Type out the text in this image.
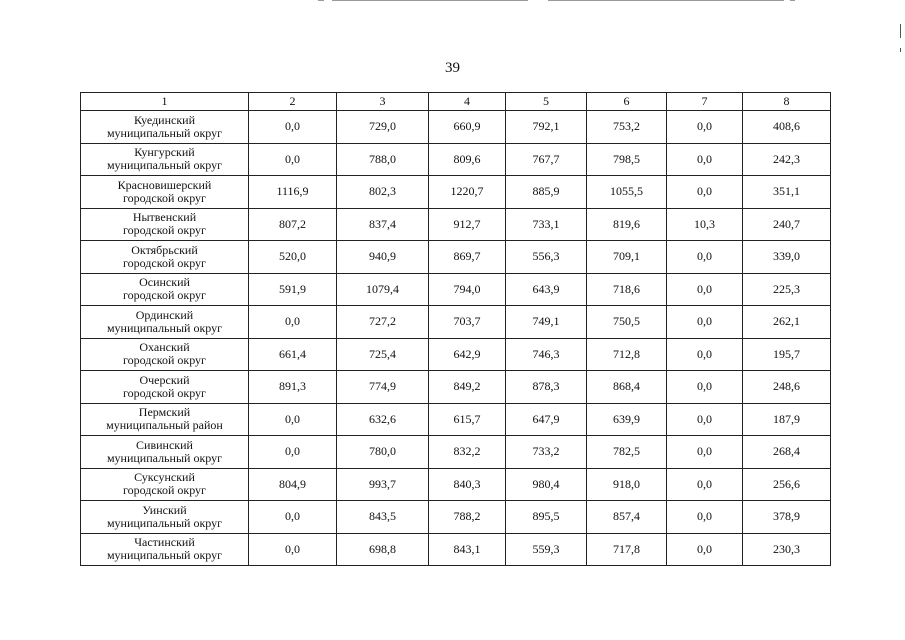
39
1	2	3	4	5	6	7	8

Куединский
муниципальный округ	0,0	729,0	660,9	792,1	753,2	0,0	408,6

Кунгурский
муниципальный округ	0,0	788,0	809,6	767,7	798,5	0,0	242,3

Красновишерский
городской округ	1116,9	802,3	1220,7	885,9	1055,5	0,0	351,1

Нытвенский
городской округ	807,2	837,4	912,7	733,1	819,6	10,3	240,7

Октябрьский
городской округ	520,0	940,9	869,7	556,3	709,1	0,0	339,0

Осинский
городской округ	591,9	1079,4	794,0	643,9	718,6	0,0	225,3

Ординский
муниципальный округ	0,0	727,2	703,7	749,1	750,5	0,0	262,1

Оханский
городской округ	661,4	725,4	642,9	746,3	712,8	0,0	195,7

Очерский
городской округ	891,3	774,9	849,2	878,3	868,4	0,0	248,6

Пермский
муниципальный район	0,0	632,6	615,7	647,9	639,9	0,0	187,9

Сивинский
муниципальный округ	0,0	780,0	832,2	733,2	782,5	0,0	268,4

Суксунский
городской округ	804,9	993,7	840,3	980,4	918,0	0,0	256,6

Уинский
муниципальный округ	0,0	843,5	788,2	895,5	857,4	0,0	378,9

Частинский
муниципальный округ	0,0	698,8	843,1	559,3	717,8	0,0	230,3
